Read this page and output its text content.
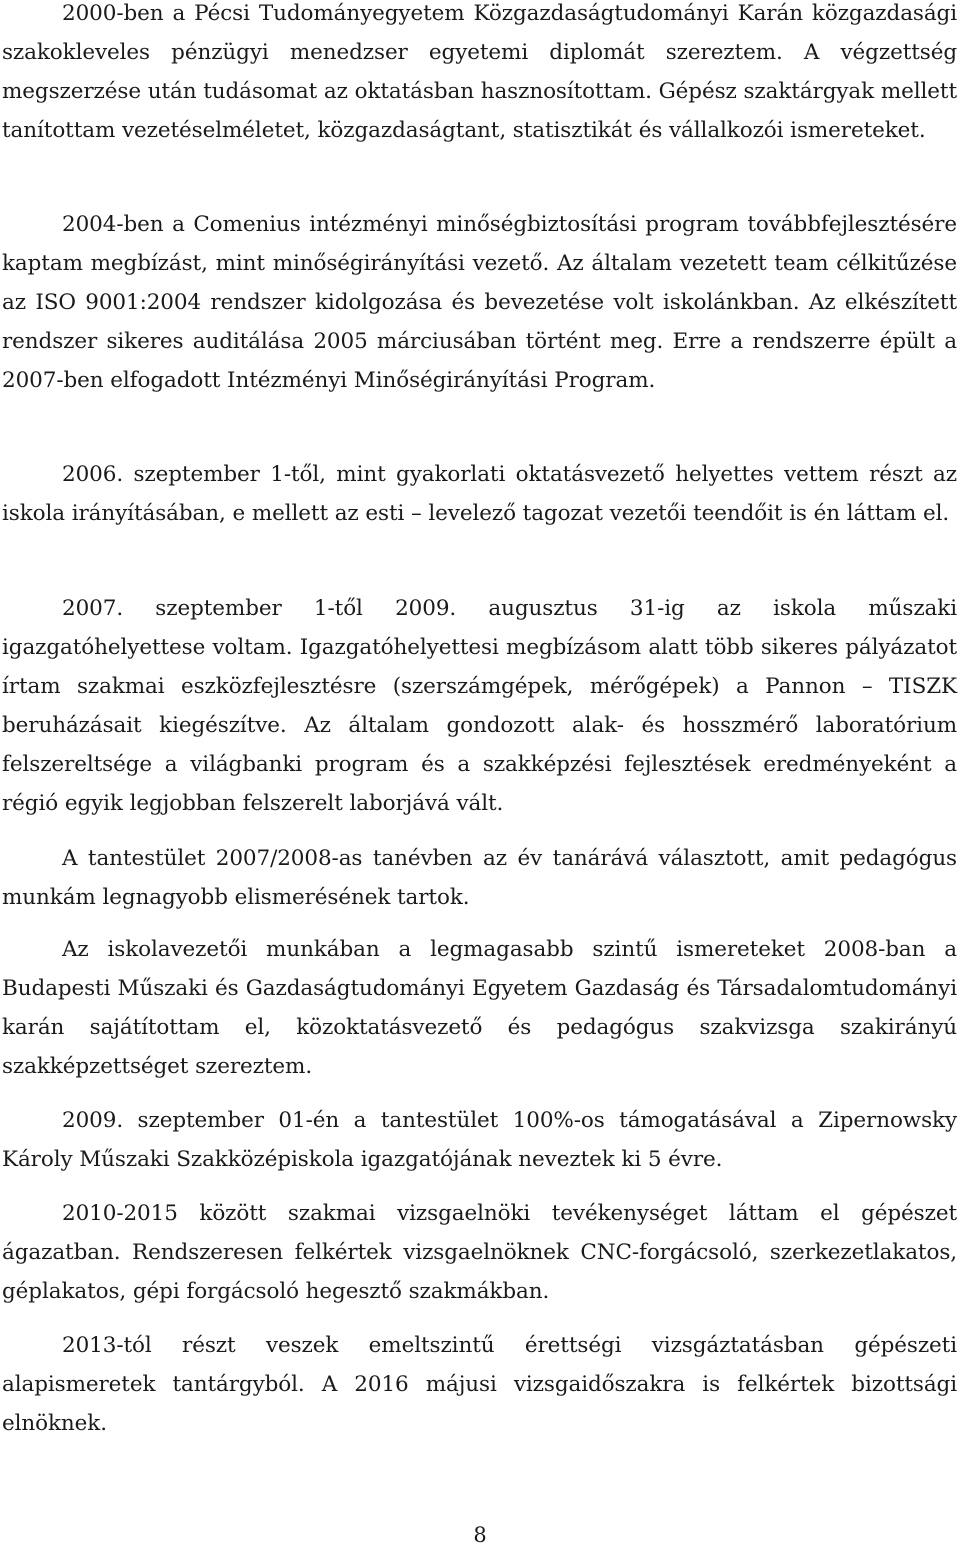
2000-ben a Pécsi Tudományegyetem Közgazdaságtudományi Karán közgazdasági szakokleveles pénzügyi menedzser egyetemi diplomát szereztem. A végzettség megszerzése után tudásomat az oktatásban hasznosítottam. Gépész szaktárgyak mellett tanítottam vezetéselméletet, közgazdaságtant, statisztikát és vállalkozói ismereteket.

2004-ben a Comenius intézményi minőségbiztosítási program továbbfejlesztésére kaptam megbízást, mint minőségirányítási vezető. Az általam vezetett team célkitűzése az ISO 9001:2004 rendszer kidolgozása és bevezetése volt iskolánkban. Az elkészített rendszer sikeres auditálása 2005 márciusában történt meg. Erre a rendszerre épült a 2007-ben elfogadott Intézményi Minőségirányítási Program.

2006. szeptember 1-től, mint gyakorlati oktatásvezető helyettes vettem részt az iskola irányításában, e mellett az esti – levelező tagozat vezetői teendőit is én láttam el.

2007. szeptember 1-től 2009. augusztus 31-ig az iskola műszaki igazgatóhelyettese voltam. Igazgatóhelyettesi megbízásom alatt több sikeres pályázatot írtam szakmai eszközfejlesztésre (szerszámgépek, mérőgépek) a Pannon – TISZK beruházásait kiegészítve. Az általam gondozott alak- és hosszmérő laboratórium felszereltsége a világbanki program és a szakképzési fejlesztések eredményeként a régió egyik legjobban felszerelt laborjává vált.

A tantestület 2007/2008-as tanévben az év tanárává választott, amit pedagógus munkám legnagyobb elismerésének tartok.

Az iskolavezetői munkában a legmagasabb szintű ismereteket 2008-ban a Budapesti Műszaki és Gazdaságtudományi Egyetem Gazdaság és Társadalomtudományi karán sajátítottam el, közoktatásvezető és pedagógus szakvizsga szakirányú szakképzettséget szereztem.

2009. szeptember 01-én a tantestület 100%-os támogatásával a Zipernowsky Károly Műszaki Szakközépiskola igazgatójának neveztek ki 5 évre.

2010-2015 között szakmai vizsgaelnöki tevékenységet láttam el gépészet ágazatban. Rendszeresen felkértek vizsgaelnöknek CNC-forgácsoló, szerkezetlakatos, géplakatos, gépi forgácsoló hegesztő szakmákban.

2013-tól részt veszek emeltszintű érettségi vizsgáztatásban gépészeti alapismeretek tantárgyból. A 2016 májusi vizsgaidőszakra is felkértek bizottsági elnöknek.

8
